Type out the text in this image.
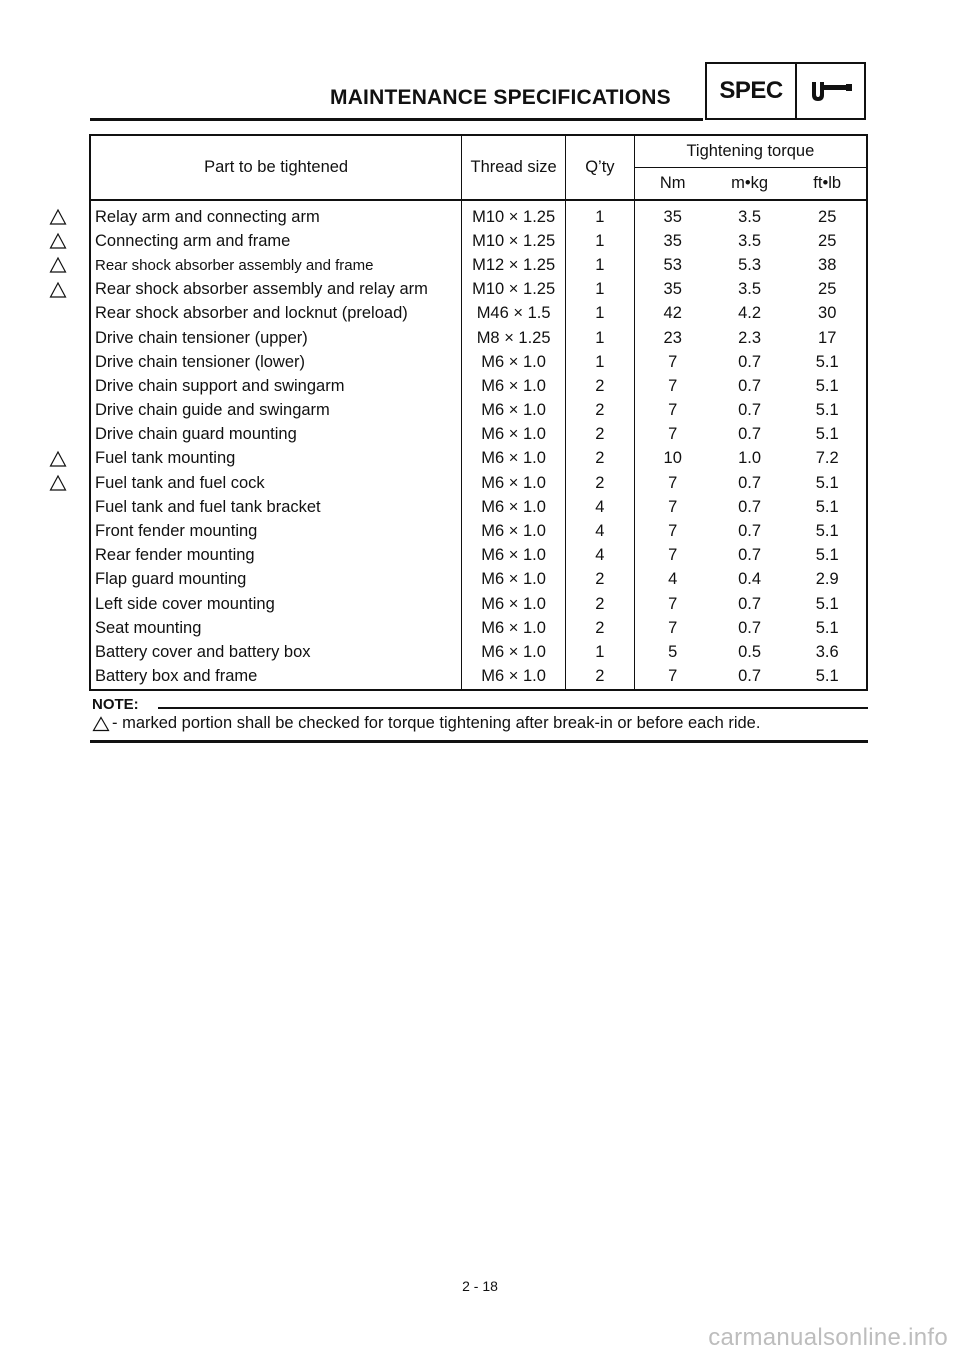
MAINTENANCE SPECIFICATIONS	SPEC
Part to be tightened	Thread size	Q’ty	Tightening torque		
			Nm	m•kg	ft•lb
Relay arm and connecting arm	M10 × 1.25	1	35	3.5	25
Connecting arm and frame	M10 × 1.25	1	35	3.5	25
Rear shock absorber assembly and frame	M12 × 1.25	1	53	5.3	38
Rear shock absorber assembly and relay arm	M10 × 1.25	1	35	3.5	25
Rear shock absorber and locknut (preload)	M46 × 1.5	1	42	4.2	30
Drive chain tensioner (upper)	M8 × 1.25	1	23	2.3	17
Drive chain tensioner (lower)	M6 × 1.0	1	7	0.7	5.1
Drive chain support and swingarm	M6 × 1.0	2	7	0.7	5.1
Drive chain guide and swingarm	M6 × 1.0	2	7	0.7	5.1
Drive chain guard mounting	M6 × 1.0	2	7	0.7	5.1
Fuel tank mounting	M6 × 1.0	2	10	1.0	7.2
Fuel tank and fuel cock	M6 × 1.0	2	7	0.7	5.1
Fuel tank and fuel tank bracket	M6 × 1.0	4	7	0.7	5.1
Front fender mounting	M6 × 1.0	4	7	0.7	5.1
Rear fender mounting	M6 × 1.0	4	7	0.7	5.1
Flap guard mounting	M6 × 1.0	2	4	0.4	2.9
Left side cover mounting	M6 × 1.0	2	7	0.7	5.1
Seat mounting	M6 × 1.0	2	7	0.7	5.1
Battery cover and battery box	M6 × 1.0	1	5	0.5	3.6
Battery box and frame	M6 × 1.0	2	7	0.7	5.1
NOTE:
- marked portion shall be checked for torque tightening after break-in or before each ride.
2 - 18
carmanualsonline.info
